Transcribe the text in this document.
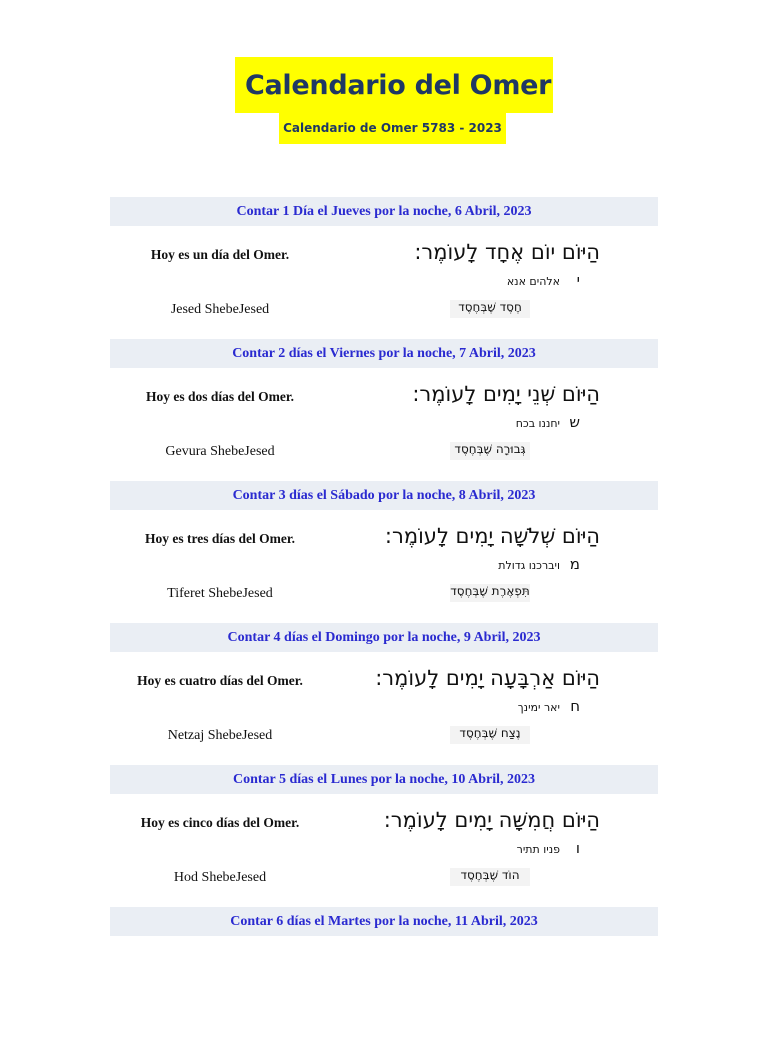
Calendario del Omer
Calendario de Omer 5783 - 2023
Contar 1 Día el Jueves por la noche, 6 Abril, 2023
Hoy es un día del Omer.	הַיּוֹם יוֹם אֶחָד לָעוֹמֶר:
י
אלהים אנא
Jesed ShebeJesed	חֶסֶד שֶׁבְּחֶסֶד
Contar 2 días el Viernes por la noche, 7 Abril, 2023
Hoy es dos días del Omer.	הַיּוֹם שְׁנֵי יָמִים לָעוֹמֶר:
ש
יחננו בכח
Gevura ShebeJesed	גְּבוּרָה שֶׁבְּחֶסֶד
Contar 3 días el Sábado por la noche, 8 Abril, 2023
Hoy es tres días del Omer.	הַיּוֹם שְׁלֹשָׁה יָמִים לָעוֹמֶר:
מ
ויברכנו גדולת
Tiferet ShebeJesed	תִּפְאֶרֶת שֶׁבְּחֶסֶד
Contar 4 días el Domingo por la noche, 9 Abril, 2023
Hoy es cuatro días del Omer.	הַיּוֹם אַרְבָּעָה יָמִים לָעוֹמֶר:
ח
יאר ימינך
Netzaj ShebeJesed	נֶצַח שֶׁבְּחֶסֶד
Contar 5 días el Lunes por la noche, 10 Abril, 2023
Hoy es cinco días del Omer.	הַיּוֹם חֲמִשָּׁה יָמִים לָעוֹמֶר:
ו
פניו תתיר
Hod ShebeJesed	הוֹד שֶׁבְּחֶסֶד
Contar 6 días el Martes por la noche, 11 Abril, 2023
